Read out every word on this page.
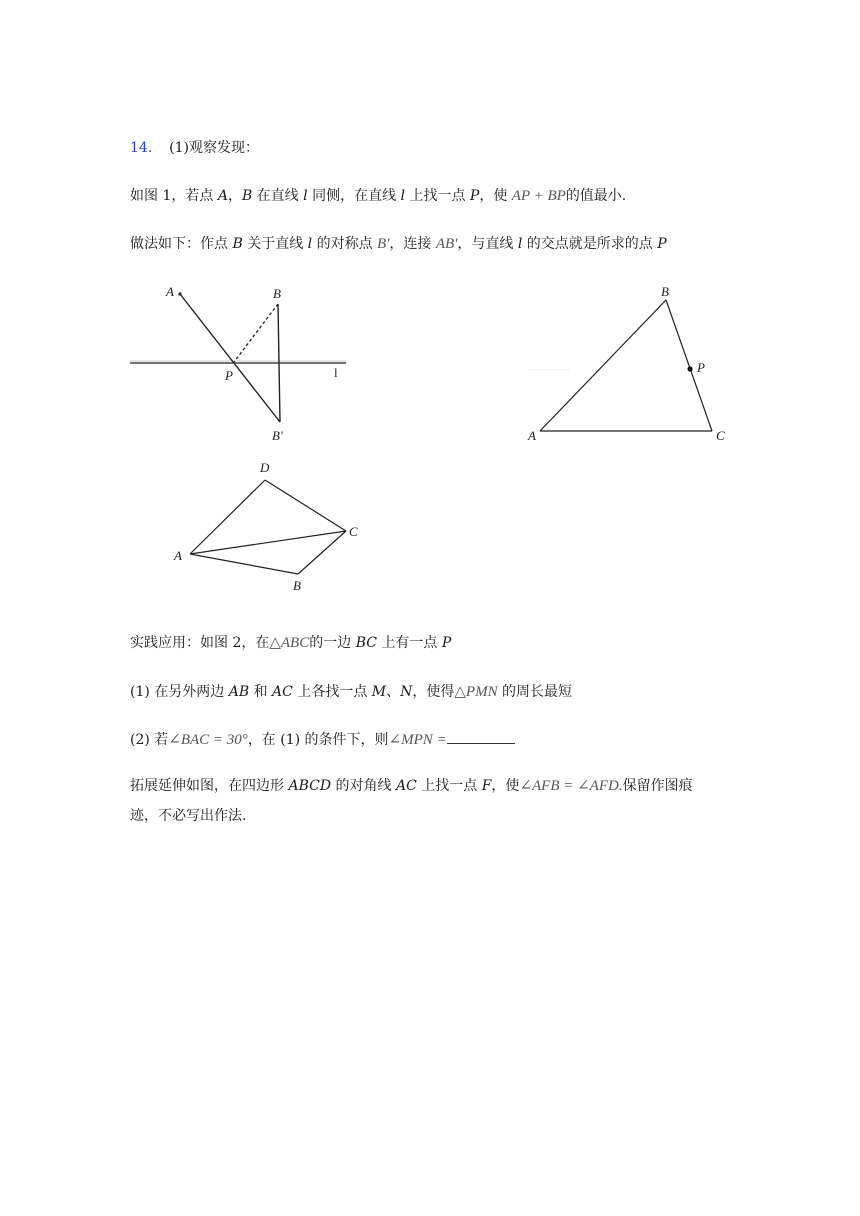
14. (1)观察发现：
如图 1，若点 A，B 在直线 l 同侧，在直线 l 上找一点 P，使 AP + BP的值最小.
做法如下：作点 B 关于直线 l 的对称点 B'，连接 AB'，与直线 l 的交点就是所求的点 P
A	B
P
B′
l
B
P
A	C
D
C
A
B
实践应用：如图 2，在△ABC的一边 BC 上有一点 P
(1) 在另外两边 AB 和 AC 上各找一点 M、N，使得△PMN 的周长最短
(2) 若∠BAC = 30°，在 (1) 的条件下，则∠MPN =
拓展延伸如图，在四边形 ABCD 的对角线 AC 上找一点 F，使∠AFB = ∠AFD.保留作图痕
迹，不必写出作法.
